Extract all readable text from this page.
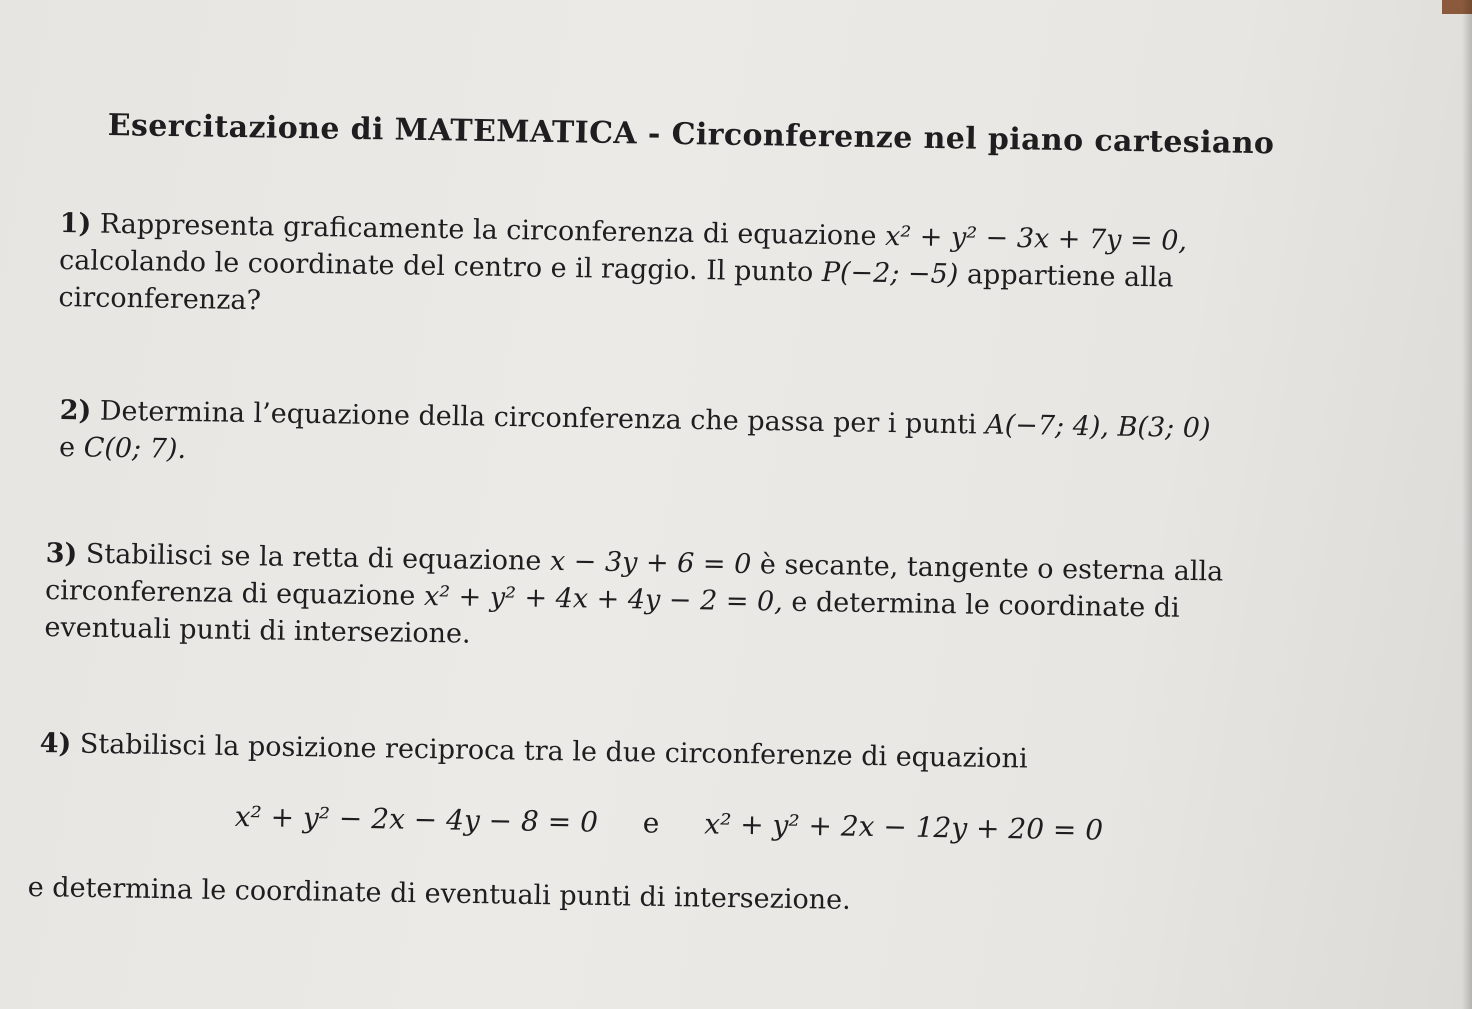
Esercitazione di MATEMATICA - Circonferenze nel piano cartesiano
1) Rappresenta graficamente la circonferenza di equazione x² + y² − 3x + 7y = 0,
calcolando le coordinate del centro e il raggio. Il punto P(−2; −5) appartiene alla
circonferenza?
2) Determina l’equazione della circonferenza che passa per i punti A(−7; 4), B(3; 0)
e C(0; 7).
3) Stabilisci se la retta di equazione x − 3y + 6 = 0 è secante, tangente o esterna alla
circonferenza di equazione x² + y² + 4x + 4y − 2 = 0, e determina le coordinate di
eventuali punti di intersezione.
4) Stabilisci la posizione reciproca tra le due circonferenze di equazioni
x² + y² − 2x − 4y − 8 = 0 e x² + y² + 2x − 12y + 20 = 0
e determina le coordinate di eventuali punti di intersezione.
